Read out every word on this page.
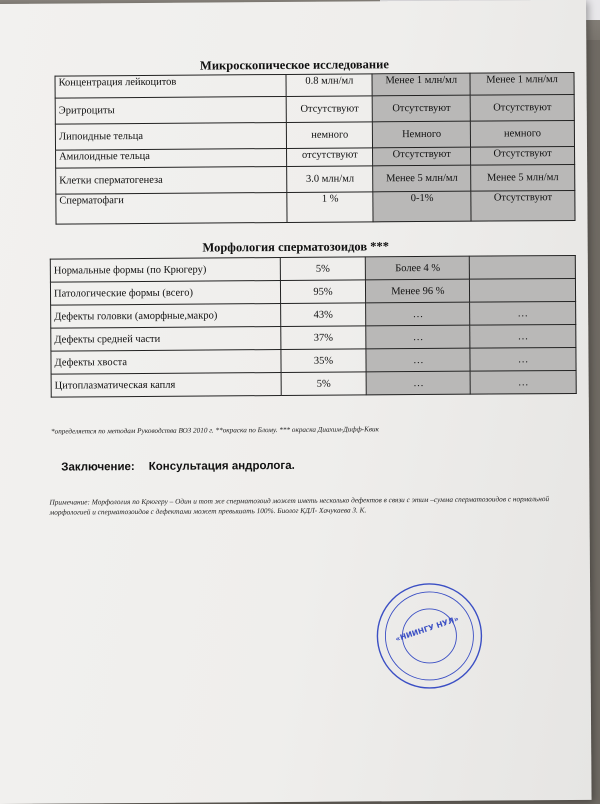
Микроскопическое исследование
Концентрация лейкоцитов	0.8 млн/мл	Менее 1 млн/мл	Менее 1 млн/мл
Эритроциты	Отсутствуют	Отсутствуют	Отсутствуют
Липоидные тельца	немного	Немного	немного
Амилоидные тельца	отсутствуют	Отсутствуют	Отсутствуют
Клетки сперматогенеза	3.0 млн/мл	Менее 5 млн/мл	Менее 5 млн/мл
Сперматофаги	1 %	0-1%	Отсутствуют
Морфология сперматозоидов ***
Нормальные формы (по Крюгеру)	5%	Более 4 %	
Патологические формы (всего)	95%	Менее 96 %	
Дефекты головки (аморфные,макро)	43%	…	…
Дефекты средней части	37%	…	…
Дефекты хвоста	35%	…	…
Цитоплазматическая капля	5%	…	…
*определяется по методам Руководства ВОЗ 2010 г. **окраска по Блому. *** окраска Диахим-Дифф-Квик
Заключение: Консультация андролога.
Примечание: Морфология по Крюгеру – Один и тот же сперматозоид может иметь несколько дефектов в связи с этим –сумма сперматозоидов с нормальной морфологией и сперматозоидов с дефектами может превышать 100%. Биолог КДЛ- Хачукаева З. К.
«НИИНГУ НУЛ»
